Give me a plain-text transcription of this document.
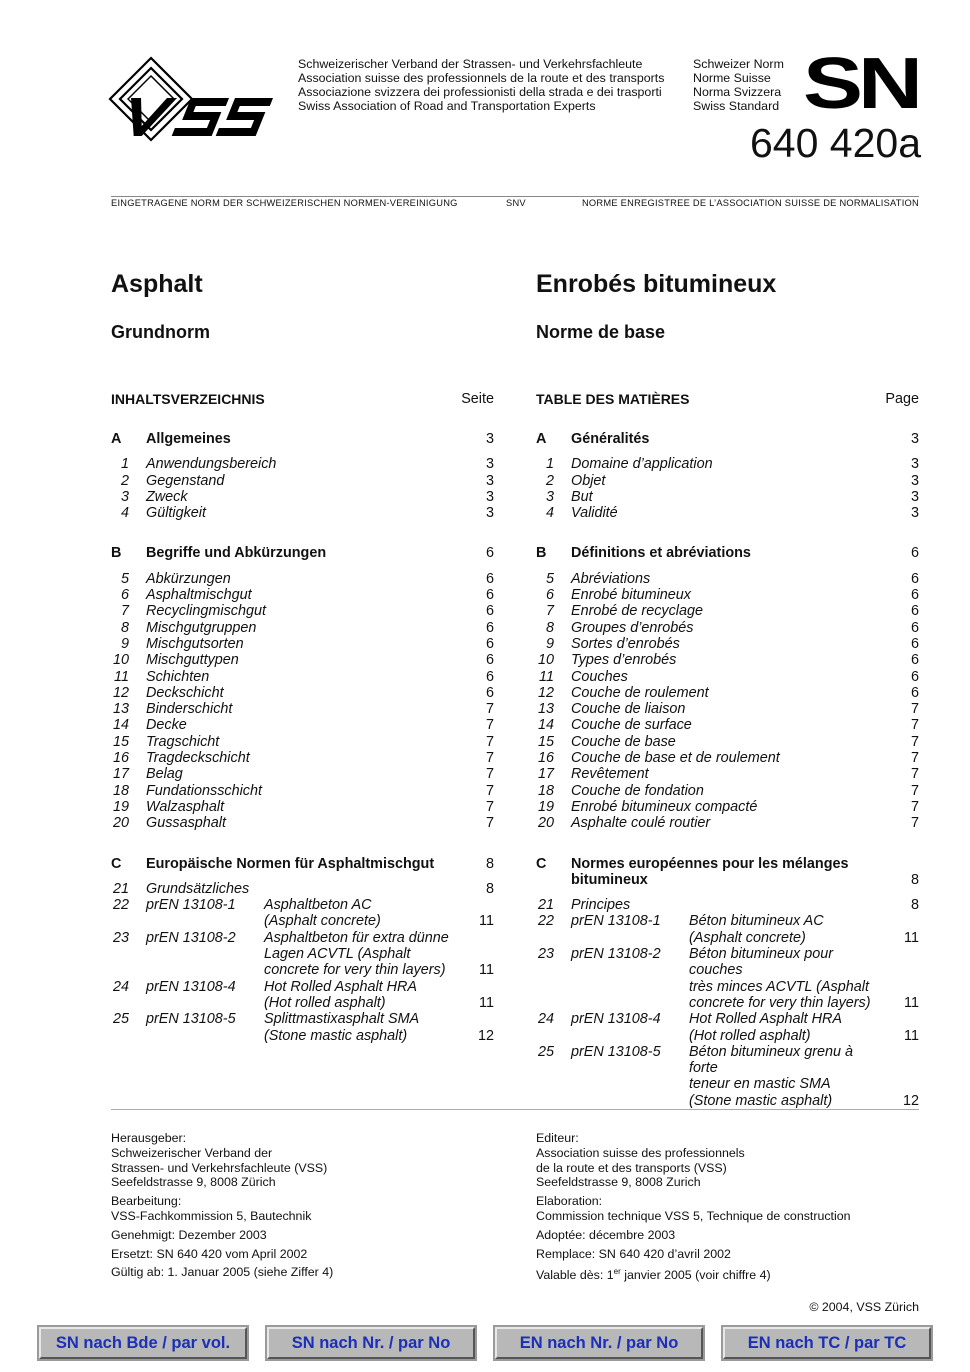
Schweizerischer Verband der Strassen- und Verkehrsfachleute
Association suisse des professionnels de la route et des transports
Associazione svizzera dei professionisti della strada e dei trasporti
Swiss Association of Road and Transportation Experts
Schweizer Norm
Norme Suisse
Norma Svizzera
Swiss Standard SN
640 420a
EINGETRAGENE NORM DER SCHWEIZERISCHEN NORMEN-VEREINIGUNG	SNV	NORME ENREGISTREE DE L’ASSOCIATION SUISSE DE NORMALISATION
Asphalt
Grundnorm
Enrobés bitumineux
Norme de base
INHALTSVERZEICHNIS	Seite
A	Allgemeines	3
1	Anwendungsbereich	3
2	Gegenstand	3
3	Zweck	3
4	Gültigkeit	3
B	Begriffe und Abkürzungen	6
5	Abkürzungen	6
6	Asphaltmischgut	6
7	Recyclingmischgut	6
8	Mischgutgruppen	6
9	Mischgutsorten	6
10	Mischguttypen	6
11	Schichten	6
12	Deckschicht	6
13	Binderschicht	7
14	Decke	7
15	Tragschicht	7
16	Tragdeckschicht	7
17	Belag	7
18	Fundationsschicht	7
19	Walzasphalt	7
20	Gussasphalt	7
C	Europäische Normen für Asphaltmischgut	8
21	Grundsätzliches	8
22	prEN 13108-1	Asphaltbeton AC
(Asphalt concrete)	11
23	prEN 13108-2	Asphaltbeton für extra dünne
Lagen ACVTL (Asphalt
concrete for very thin layers)	11
24	prEN 13108-4	Hot Rolled Asphalt HRA
(Hot rolled asphalt)	11
25	prEN 13108-5	Splittmastixasphalt SMA
(Stone mastic asphalt)	12
TABLE DES MATIÈRES	Page
A	Généralités	3
1	Domaine d’application	3
2	Objet	3
3	But	3
4	Validité	3
B	Définitions et abréviations	6
5	Abréviations	6
6	Enrobé bitumineux	6
7	Enrobé de recyclage	6
8	Groupes d’enrobés	6
9	Sortes d’enrobés	6
10	Types d’enrobés	6
11	Couches	6
12	Couche de roulement	6
13	Couche de liaison	7
14	Couche de surface	7
15	Couche de base	7
16	Couche de base et de roulement	7
17	Revêtement	7
18	Couche de fondation	7
19	Enrobé bitumineux compacté	7
20	Asphalte coulé routier	7
C	Normes européennes pour les mélanges
bitumineux	8
21	Principes	8
22	prEN 13108-1	Béton bitumineux AC
(Asphalt concrete)	11
23	prEN 13108-2	Béton bitumineux pour couches
très minces ACVTL (Asphalt
concrete for very thin layers)	11
24	prEN 13108-4	Hot Rolled Asphalt HRA
(Hot rolled asphalt)	11
25	prEN 13108-5	Béton bitumineux grenu à forte
teneur en mastic SMA
(Stone mastic asphalt)	12
Herausgeber:
Schweizerischer Verband der
Strassen- und Verkehrsfachleute (VSS)
Seefeldstrasse 9, 8008 Zürich
Bearbeitung:
VSS-Fachkommission 5, Bautechnik
Genehmigt: Dezember 2003
Ersetzt: SN 640 420 vom April 2002
Gültig ab: 1. Januar 2005 (siehe Ziffer 4)
Editeur:
Association suisse des professionnels
de la route et des transports (VSS)
Seefeldstrasse 9, 8008 Zurich
Elaboration:
Commission technique VSS 5, Technique de construction
Adoptée: décembre 2003
Remplace: SN 640 420 d’avril 2002
Valable dès: 1er janvier 2005 (voir chiffre 4)
© 2004, VSS Zürich
SN nach Bde / par vol.	SN nach Nr. / par No	EN nach Nr. / par No	EN nach TC / par TC
